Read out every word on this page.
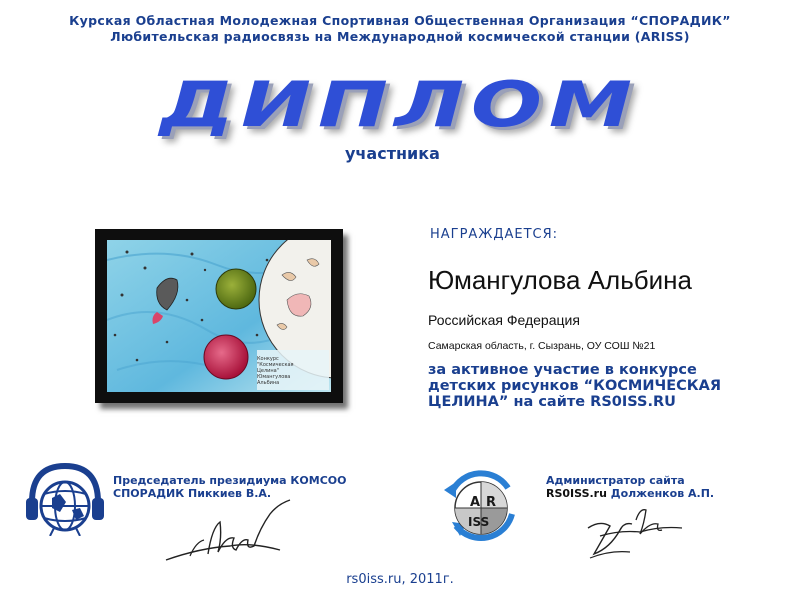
Курская Областная Молодежная Спортивная Общественная Организация “СПОРАДИК”
Любительская радиосвязь на Международной космической станции (ARISS)
ДИПЛОМ
участника
Конкурс "Космическая
Целина"
Юмангулова Альбина
НАГРАЖДАЕТСЯ:
Юмангулова Альбина
Российская Федерация
Самарская область, г. Сызрань, ОУ СОШ №21
за активное участие в конкурсе детских рисунков “КОСМИЧЕСКАЯ ЦЕЛИНА” на сайте RS0ISS.RU
Председатель президиума КОМСОО
СПОРАДИК Пиккиев В.А.
A R
ISS
Администратор сайта
RS0ISS.ru Долженков А.П.
rs0iss.ru, 2011г.
